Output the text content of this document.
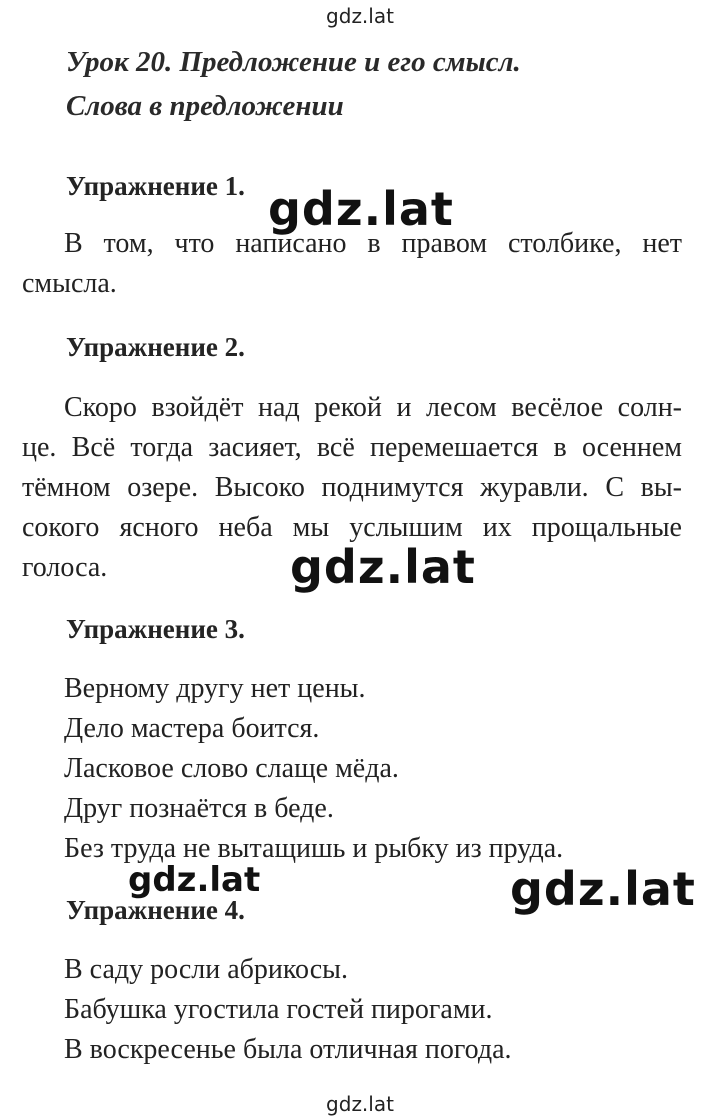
gdz.lat
Урок 20. Предложение и его смысл.
Слова в предложении
Упражнение 1.
В том, что написано в правом столбике, нет
смысла.
gdz.lat
Упражнение 2.
Скоро взойдёт над рекой и лесом весёлое солн-
це. Всё тогда засияет, всё перемешается в осеннем
тёмном озере. Высоко поднимутся журавли. С вы-
сокого ясного неба мы услышим их прощальные
голоса.	gdz.lat
Упражнение 3.
Верному другу нет цены.
Дело мастера боится.
Ласковое слово слаще мёда.
Друг познаётся в беде.
Без труда не вытащишь и рыбку из пруда.
Упражнение 4.
gdz.lat	gdz.lat
В саду росли абрикосы.
Бабушка угостила гостей пирогами.
В воскресенье была отличная погода.
gdz.lat
